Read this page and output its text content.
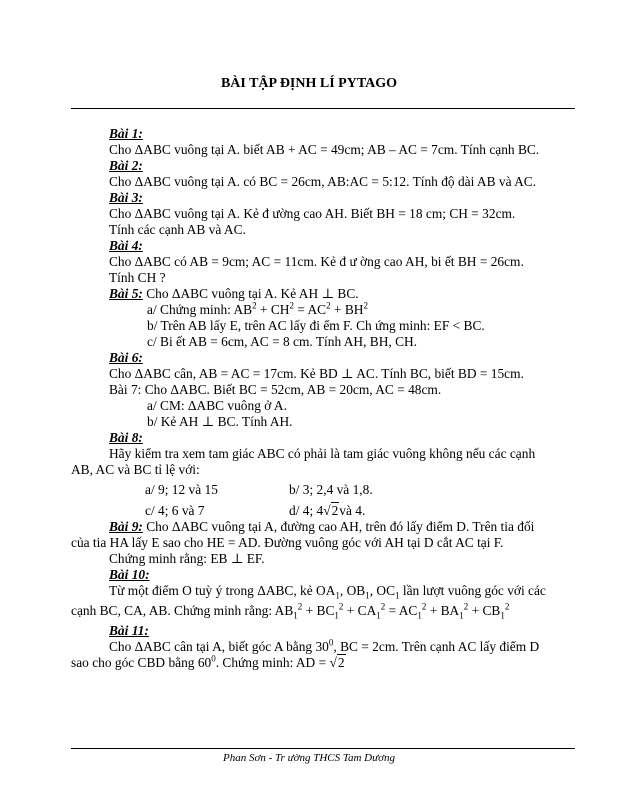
BÀI TẬP ĐỊNH LÍ PYTAGO

Bài 1:

Cho ΔABC vuông tại A. biết AB + AC = 49cm; AB – AC = 7cm. Tính cạnh BC.

Bài 2:

Cho ΔABC vuông tại A. có BC = 26cm, AB:AC = 5:12. Tính độ dài AB và AC.

Bài 3:

Cho ΔABC vuông tại A. Kẻ đ ường cao AH. Biết BH = 18 cm; CH = 32cm.

Tính các cạnh AB và AC.

Bài 4:

Cho ΔABC có AB = 9cm; AC = 11cm. Kẻ đ ư ờng cao AH, bi ết BH = 26cm.

Tính CH ?

Bài 5: Cho ΔABC vuông tại A. Kẻ AH ⊥ BC.

a/ Chứng minh: $AB^2 + CH^2 = AC^2 + BH^2$

b/ Trên AB lấy E, trên AC lấy đi ểm F. Ch ứng minh: EF < BC.

c/ Bi ết AB = 6cm, AC = 8 cm. Tính AH, BH, CH.

Bài 6:

Cho ΔABC cân, AB = AC = 17cm. Kẻ BD ⊥ AC. Tính BC, biết BD = 15cm.

Bài 7: Cho ΔABC. Biết BC = 52cm, AB = 20cm, AC = 48cm.

a/ CM: ΔABC vuông ở A.

b/ Kẻ AH ⊥ BC. Tính AH.

Bài 8:

Hãy kiểm tra xem tam giác ABC có phải là tam giác vuông không nếu các cạnh

AB, AC và BC tỉ lệ với:

a/ 9; 12 và 15	b/ 3; 2,4 và 1,8.

c/ 4; 6 và 7	d/ 4; 4√2và 4.

Bài 9: Cho ΔABC vuông tại A, đường cao AH, trên đó lấy điểm D. Trên tia đối

của tia HA lấy E sao cho HE = AD. Đường vuông góc với AH tại D cắt AC tại F.

Chứng minh rằng: EB ⊥ EF.

Bài 10:

Từ một điểm O tuỳ ý trong ΔABC, kẻ $OA_1$, $OB_1$, $OC_1$ lần lượt vuông góc với các

cạnh BC, CA, AB. Chứng minh rằng: $AB_1^2 + BC_1^2 + CA_1^2 = AC_1^2 + BA_1^2 + CB_1^2$

Bài 11:

Cho ΔABC cân tại A, biết góc A bằng $30^0$, BC = 2cm. Trên cạnh AC lấy điểm D

sao cho góc CBD bằng $60^0$. Chứng minh: AD = √2

Phan Sơn - Tr ường THCS Tam Dương
